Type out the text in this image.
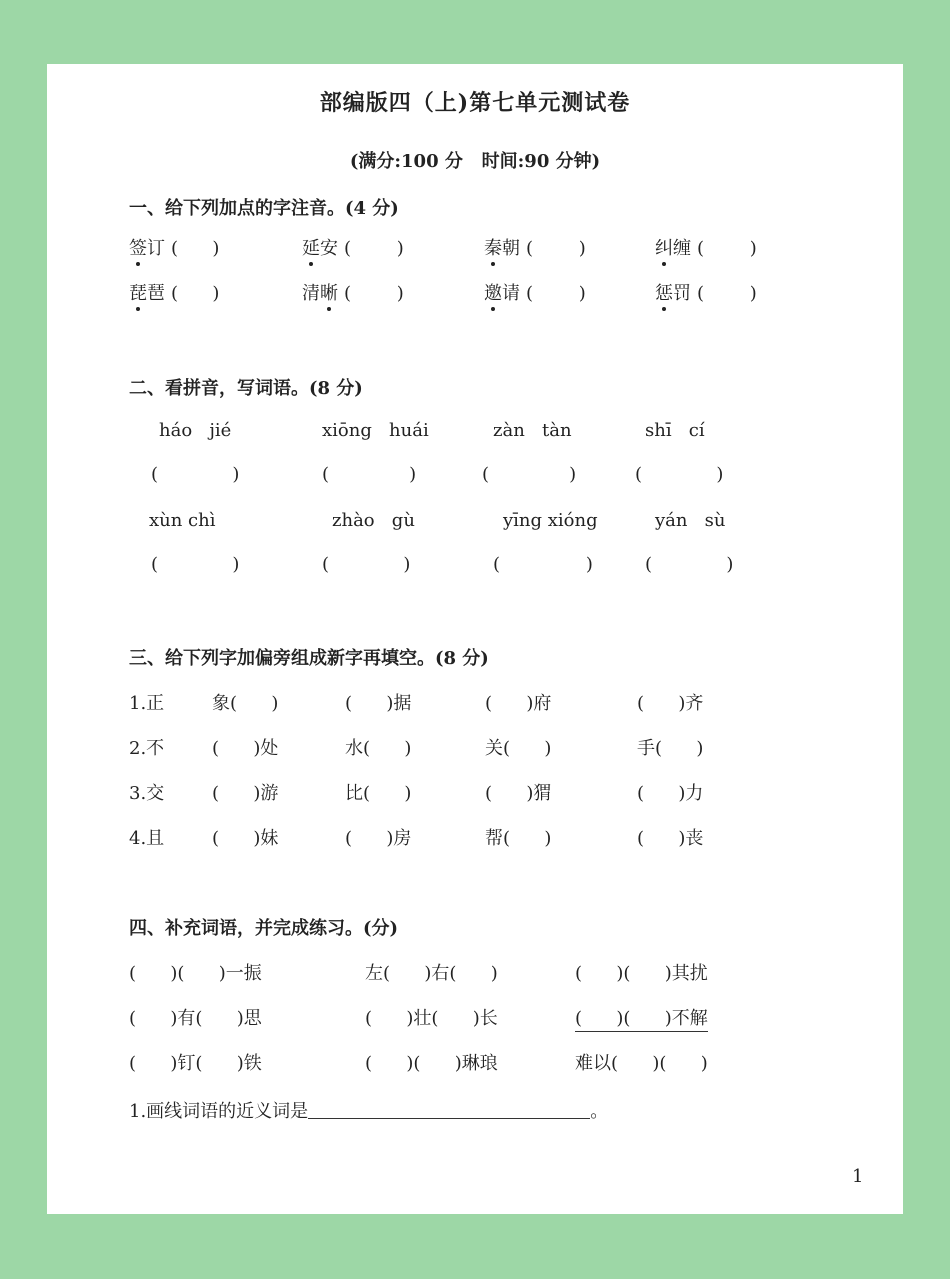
部编版四（上)第七单元测试卷
(满分:100 分   时间:90 分钟)
一、给下列加点的字注音。(4 分)
签订 (      )	延安 (        )	秦朝 (        )	纠缠 (        )
琵琶 (      )	清晰 (        )	邀请 (        )	惩罚 (        )
二、看拼音，写词语。(8 分)
háo   jié	xiōng   huái	zàn   tàn	shī   cí
(             )	(              )	(              )	(             )
xùn chì	zhào   gù	yīng xióng	yán   sù
(             )	(             )	(               )	(             )
三、给下列字加偏旁组成新字再填空。(8 分)
1.正	象(      )	(      )据	(      )府	(      )齐
2.不	(      )处	水(      )	关(      )	手(      )
3.交	(      )游	比(      )	(      )猬	(      )力
4.且	(      )妹	(      )房	帮(      )	(      )丧
四、补充词语，并完成练习。(分)
(      )(      )一振	左(      )右(      )	(      )(      )其扰
(      )有(      )思	(      )壮(      )长	(      )(      )不解
(      )钉(      )铁	(      )(      )琳琅	难以(      )(      )
1.画线词语的近义词是	。
1
